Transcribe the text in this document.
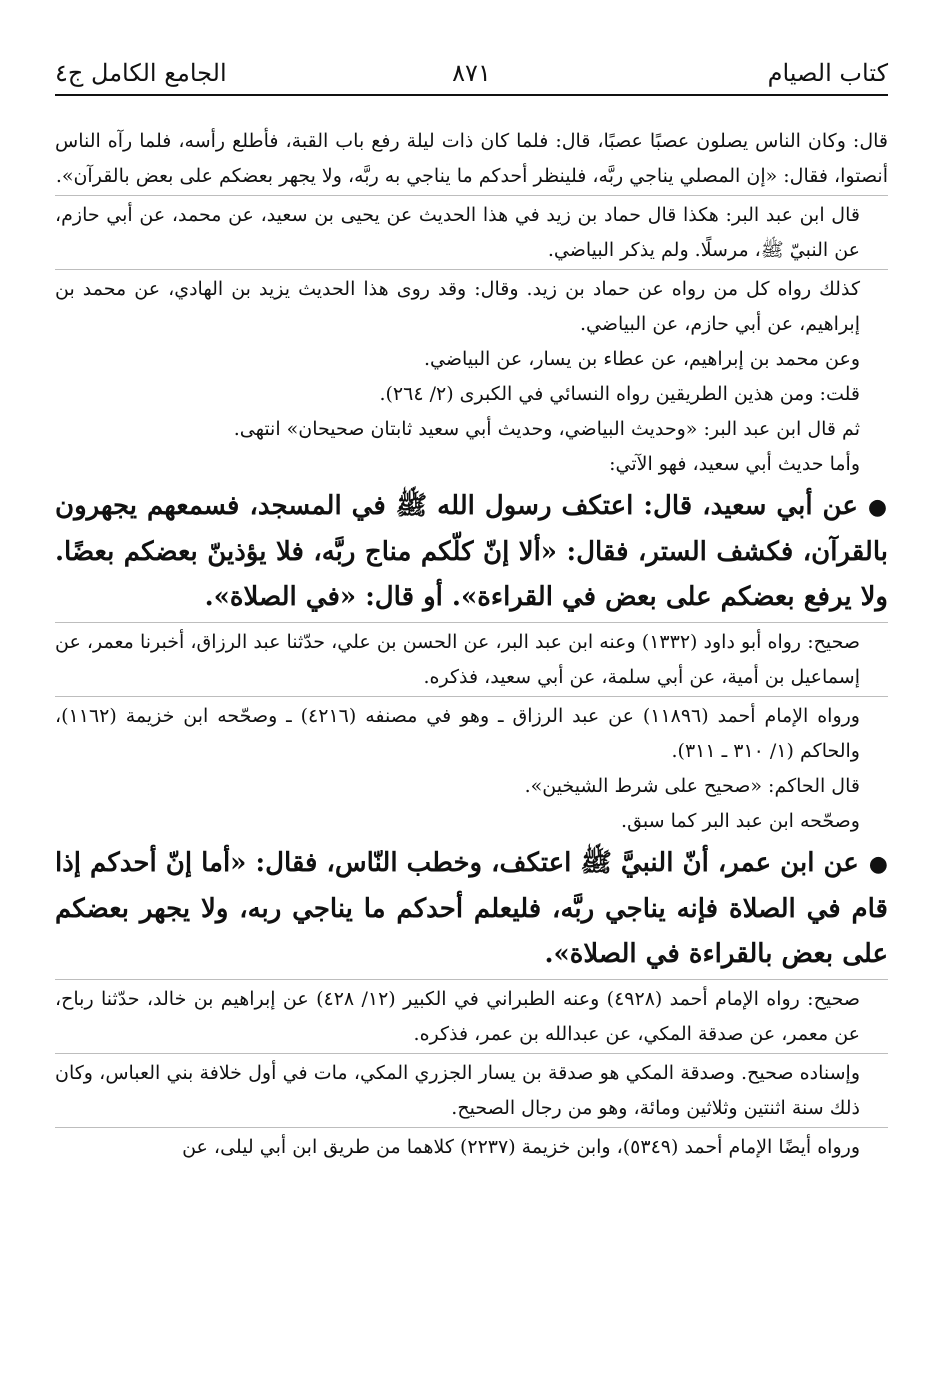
كتاب الصيام
٨٧١
الجامع الكامل ج٤

قال: وكان الناس يصلون عصبًا عصبًا، قال: فلما كان ذات ليلة رفع باب القبة، فأطلع رأسه، فلما رآه الناس أنصتوا، فقال: «إن المصلي يناجي ربَّه، فلينظر أحدكم ما يناجي به ربَّه، ولا يجهر بعضكم على بعض بالقرآن».

قال ابن عبد البر: هكذا قال حماد بن زيد في هذا الحديث عن يحيى بن سعيد، عن محمد، عن أبي حازم، عن النبيّ ﷺ، مرسلًا. ولم يذكر البياضي.

كذلك رواه كل من رواه عن حماد بن زيد. وقال: وقد روى هذا الحديث يزيد بن الهادي، عن محمد بن إبراهيم، عن أبي حازم، عن البياضي.

وعن محمد بن إبراهيم، عن عطاء بن يسار، عن البياضي.

قلت: ومن هذين الطريقين رواه النسائي في الكبرى (٢/ ٢٦٤).

ثم قال ابن عبد البر: «وحديث البياضي، وحديث أبي سعيد ثابتان صحيحان» انتهى.

وأما حديث أبي سعيد، فهو الآتي:

●عن أبي سعيد، قال: اعتكف رسول الله ﷺ في المسجد، فسمعهم يجهرون بالقرآن، فكشف الستر، فقال: «ألا إنّ كلّكم مناج ربَّه، فلا يؤذينّ بعضكم بعضًا. ولا يرفع بعضكم على بعض في القراءة». أو قال: «في الصلاة».

صحيح: رواه أبو داود (١٣٣٢) وعنه ابن عبد البر، عن الحسن بن علي، حدّثنا عبد الرزاق، أخبرنا معمر، عن إسماعيل بن أمية، عن أبي سلمة، عن أبي سعيد، فذكره.

ورواه الإمام أحمد (١١٨٩٦) عن عبد الرزاق ـ وهو في مصنفه (٤٢١٦) ـ وصحّحه ابن خزيمة (١١٦٢)، والحاكم (١/ ٣١٠ ـ ٣١١).

قال الحاكم: «صحيح على شرط الشيخين».

وصحّحه ابن عبد البر كما سبق.

●عن ابن عمر، أنّ النبيَّ ﷺ اعتكف، وخطب النّاس، فقال: «أما إنّ أحدكم إذا قام في الصلاة فإنه يناجي ربَّه، فليعلم أحدكم ما يناجي ربه، ولا يجهر بعضكم على بعض بالقراءة في الصلاة».

صحيح: رواه الإمام أحمد (٤٩٢٨) وعنه الطبراني في الكبير (١٢/ ٤٢٨) عن إبراهيم بن خالد، حدّثنا رباح، عن معمر، عن صدقة المكي، عن عبدالله بن عمر، فذكره.

وإسناده صحيح. وصدقة المكي هو صدقة بن يسار الجزري المكي، مات في أول خلافة بني العباس، وكان ذلك سنة اثنتين وثلاثين ومائة، وهو من رجال الصحيح.

ورواه أيضًا الإمام أحمد (٥٣٤٩)، وابن خزيمة (٢٢٣٧) كلاهما من طريق ابن أبي ليلى، عن
